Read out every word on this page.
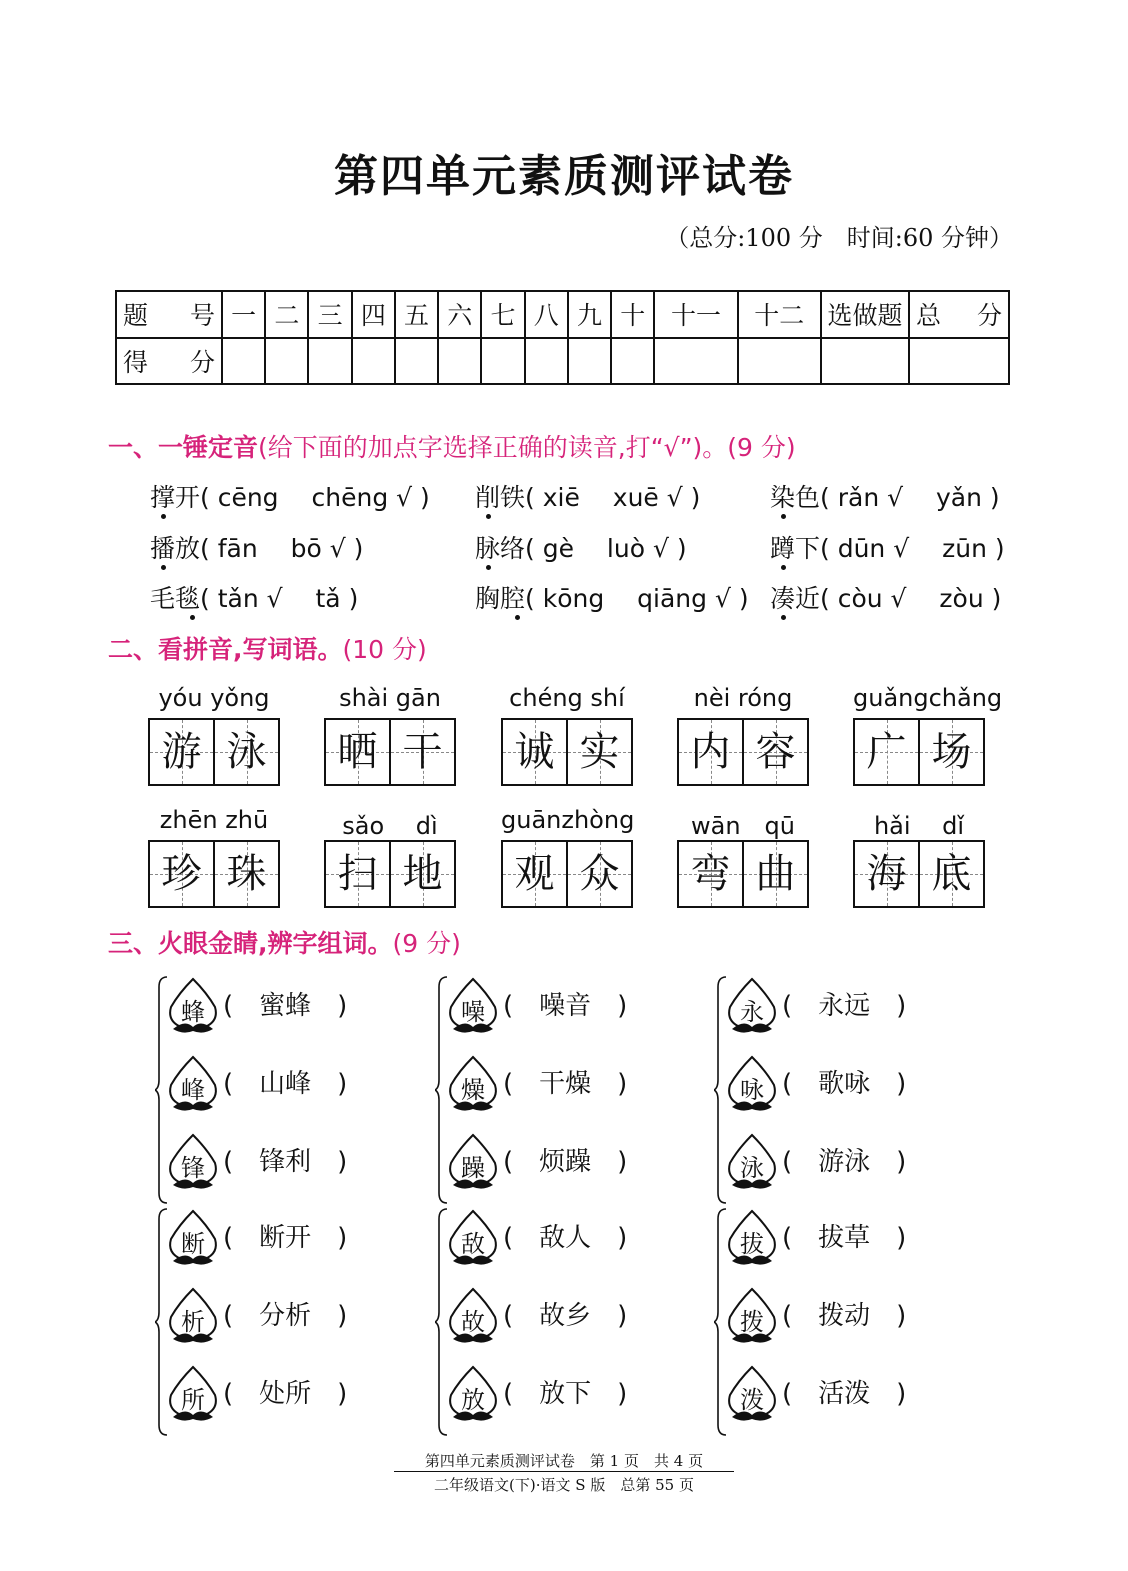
第四单元素质测评试卷
（总分:100 分　时间:60 分钟）
题　号	一	二	三	四	五	六	七	八	九	十	十一	十二	选做题	总　分
得　分														
一、一锤定音(给下面的加点字选择正确的读音,打“√”)。(9 分)
撑开( cēng　 chēng √ ) 削铁( xiē　 xuē √ )	染色( rǎn √　 yǎn )
播放( fān　 bō √ )	脉络( gè　 luò √ )	蹲下( dūn √　 zūn )
毛毯( tǎn √　 tǎ )	胸腔( kōng　 qiāng √ ) 凑近( còu √　 zòu )
二、看拼音,写词语。(10 分)
yóu yǒng
游 泳
shài gān
晒 干
chéng shí
诚 实
nèi róng
内 容
guǎngchǎng
广 场
zhēn zhū
珍 珠
sǎo　 dì
扫 地
guānzhòng
观 众
wān　qū
弯 曲
hǎi　 dǐ
海 底
三、火眼金睛,辨字组词。(9 分)
蜂 (　蜜蜂　)
峰 (　山峰　)
锋 (　锋利　)
噪 (　噪音　)
燥 (　干燥　)
躁 (　烦躁　)
永 (　永远　)
咏 (　歌咏　)
泳 (　游泳　)
断 (　断开　)
析 (　分析　)
所 (　处所　)
敌 (　敌人　)
故 (　故乡　)
放 (　放下　)
拔 (　拔草　)
拨 (　拨动　)
泼 (　活泼　)
第四单元素质测评试卷　第 1 页　共 4 页
二年级语文(下)·语文 S 版　总第 55 页
